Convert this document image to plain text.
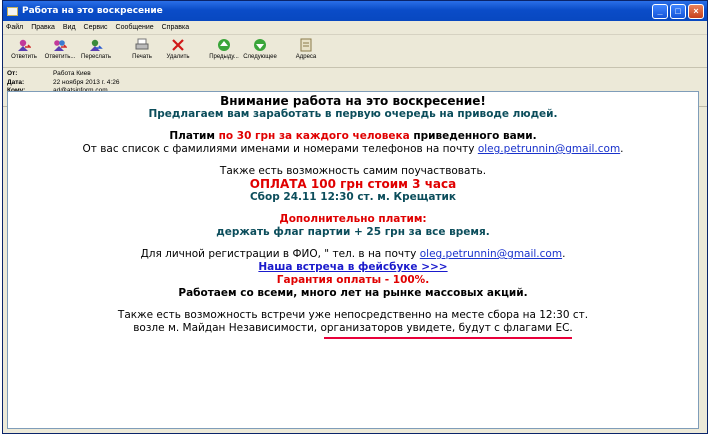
Работа на это воскресение	_	□	×
Файл Правка Вид Сервис Сообщение Справка
Ответить Ответить... Переслать	Печать Удалить	Предыду... Следующее	Адреса
От:	Работа Киев
Дата:	22 ноября 2013 г. 4:26
Внимание работа на это воскресение!
Предлагаем вам заработать в первую очередь на приводе людей.
Платим по 30 грн за каждого человека приведенного вами.
От вас список с фамилиями именами и номерами телефонов на почту oleg.petrunnin@gmail.com.
Также есть возможность самим поучаствовать.
ОПЛАТА 100 грн стоим 3 часа
Сбор 24.11 12:30 ст. м. Крещатик
Дополнительно платим:
держать флаг партии + 25 грн за все время.
Для личной регистрации в ФИО, " тел. в на почту oleg.petrunnin@gmail.com.
Наша встреча в фейсбуке >>>
Гарантия оплаты - 100%.
Работаем со всеми, много лет на рынке массовых акций.
Также есть возможность встречи уже непосредственно на месте сбора на 12:30 ст.
возле м. Майдан Независимости, организаторов увидете, будут с флагами ЕС.
